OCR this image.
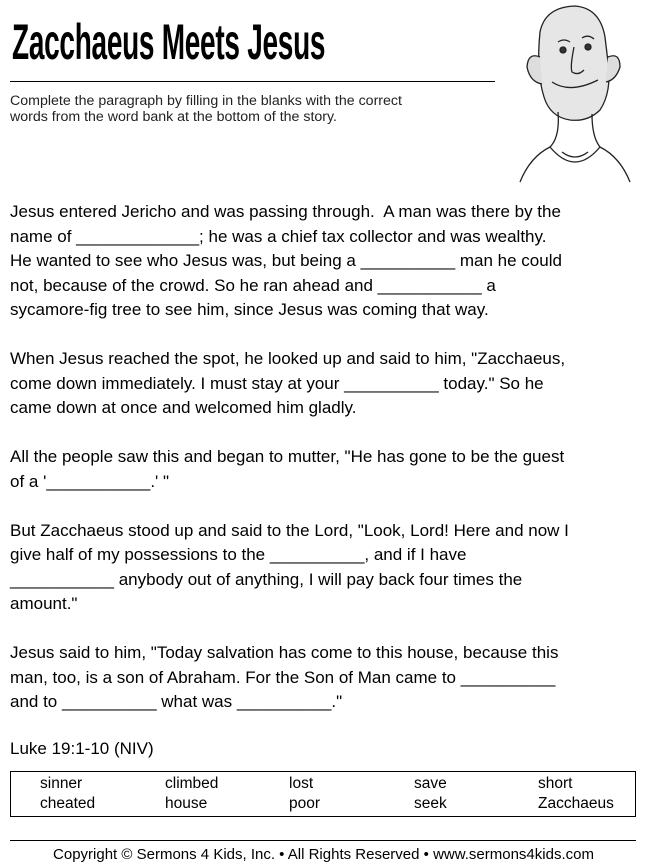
Zacchaeus Meets Jesus
Complete the paragraph by filling in the blanks with the correct
words from the word bank at the bottom of the story.
Jesus entered Jericho and was passing through.  A man was there by the
name of _____________; he was a chief tax collector and was wealthy.
He wanted to see who Jesus was, but being a __________ man he could
not, because of the crowd. So he ran ahead and ___________ a
sycamore-fig tree to see him, since Jesus was coming that way.
When Jesus reached the spot, he looked up and said to him, "Zacchaeus,
come down immediately. I must stay at your __________ today." So he
came down at once and welcomed him gladly.
All the people saw this and began to mutter, "He has gone to be the guest
of a '___________.' "
But Zacchaeus stood up and said to the Lord, "Look, Lord! Here and now I
give half of my possessions to the __________, and if I have
___________ anybody out of anything, I will pay back four times the
amount."
Jesus said to him, "Today salvation has come to this house, because this
man, too, is a son of Abraham. For the Son of Man came to __________
and to __________ what was __________."
Luke 19:1-10 (NIV)
sinner	climbed	lost	save	short
cheated	house	poor	seek	Zacchaeus
Copyright © Sermons 4 Kids, Inc. • All Rights Reserved • www.sermons4kids.com
